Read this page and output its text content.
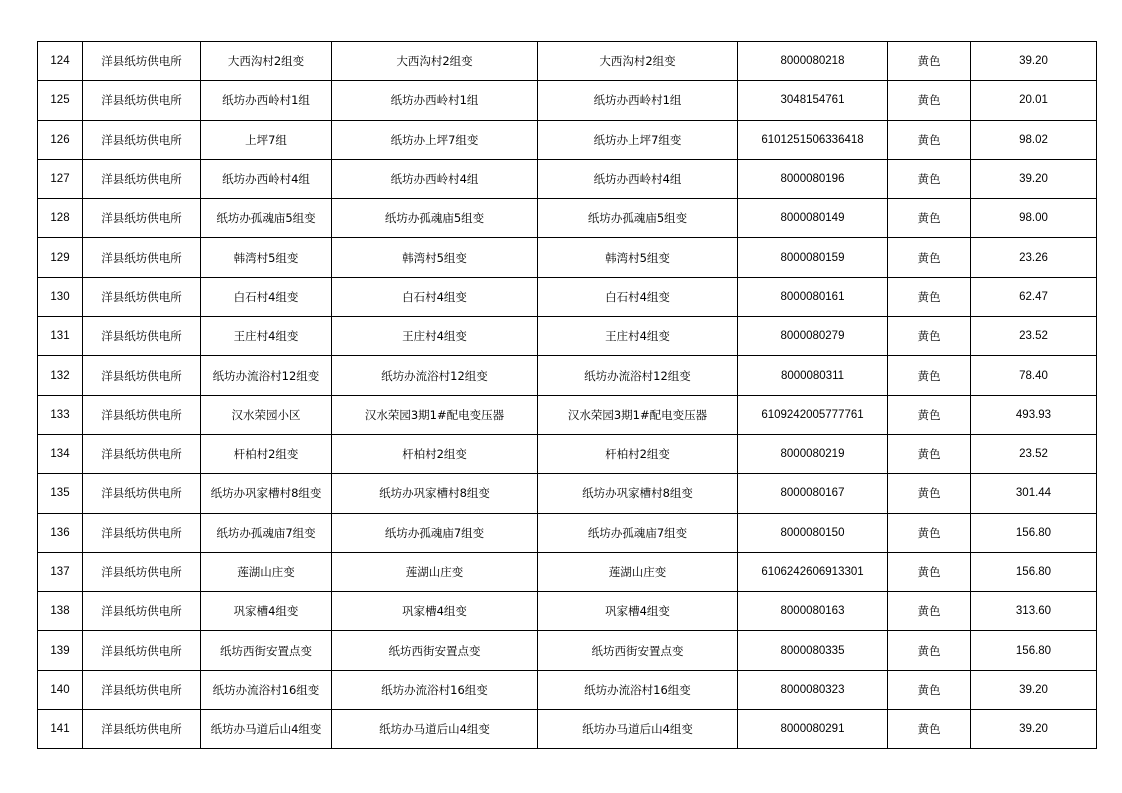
124	洋县纸坊供电所	大西沟村2组变	大西沟村2组变	大西沟村2组变	8000080218	黄色	39.20
125	洋县纸坊供电所	纸坊办西岭村1组	纸坊办西岭村1组	纸坊办西岭村1组	3048154761	黄色	20.01
126	洋县纸坊供电所	上坪7组	纸坊办上坪7组变	纸坊办上坪7组变	6101251506336418	黄色	98.02
127	洋县纸坊供电所	纸坊办西岭村4组	纸坊办西岭村4组	纸坊办西岭村4组	8000080196	黄色	39.20
128	洋县纸坊供电所	纸坊办孤魂庙5组变	纸坊办孤魂庙5组变	纸坊办孤魂庙5组变	8000080149	黄色	98.00
129	洋县纸坊供电所	韩湾村5组变	韩湾村5组变	韩湾村5组变	8000080159	黄色	23.26
130	洋县纸坊供电所	白石村4组变	白石村4组变	白石村4组变	8000080161	黄色	62.47
131	洋县纸坊供电所	王庄村4组变	王庄村4组变	王庄村4组变	8000080279	黄色	23.52
132	洋县纸坊供电所	纸坊办流浴村12组变	纸坊办流浴村12组变	纸坊办流浴村12组变	8000080311	黄色	78.40
133	洋县纸坊供电所	汉水荣园小区	汉水荣园3期1#配电变压器	汉水荣园3期1#配电变压器	6109242005777761	黄色	493.93
134	洋县纸坊供电所	杆柏村2组变	杆柏村2组变	杆柏村2组变	8000080219	黄色	23.52
135	洋县纸坊供电所	纸坊办巩家槽村8组变	纸坊办巩家槽村8组变	纸坊办巩家槽村8组变	8000080167	黄色	301.44
136	洋县纸坊供电所	纸坊办孤魂庙7组变	纸坊办孤魂庙7组变	纸坊办孤魂庙7组变	8000080150	黄色	156.80
137	洋县纸坊供电所	莲湖山庄变	莲湖山庄变	莲湖山庄变	6106242606913301	黄色	156.80
138	洋县纸坊供电所	巩家槽4组变	巩家槽4组变	巩家槽4组变	8000080163	黄色	313.60
139	洋县纸坊供电所	纸坊西街安置点变	纸坊西街安置点变	纸坊西街安置点变	8000080335	黄色	156.80
140	洋县纸坊供电所	纸坊办流浴村16组变	纸坊办流浴村16组变	纸坊办流浴村16组变	8000080323	黄色	39.20
141	洋县纸坊供电所	纸坊办马道后山4组变	纸坊办马道后山4组变	纸坊办马道后山4组变	8000080291	黄色	39.20
